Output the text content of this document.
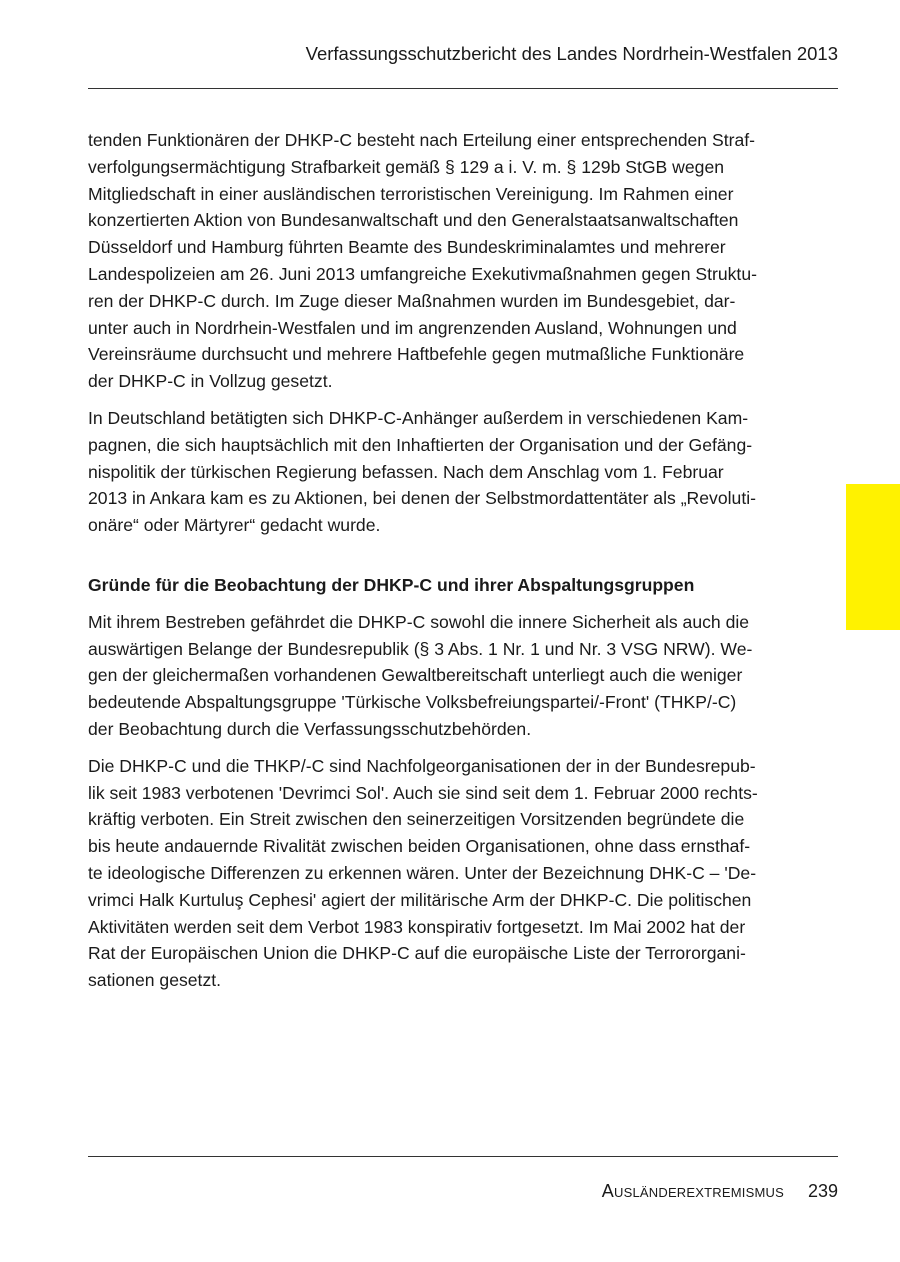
Verfassungsschutzbericht des Landes Nordrhein-Westfalen 2013

tenden Funktionären der DHKP-C besteht nach Erteilung einer entsprechenden Straf-
verfolgungsermächtigung Strafbarkeit gemäß § 129 a i. V. m. § 129b StGB wegen
Mitgliedschaft in einer ausländischen terroristischen Vereinigung. Im Rahmen einer
konzertierten Aktion von Bundesanwaltschaft und den Generalstaatsanwaltschaften
Düsseldorf und Hamburg führten Beamte des Bundeskriminalamtes und mehrerer
Landespolizeien am 26. Juni 2013 umfangreiche Exekutivmaßnahmen gegen Struktu-
ren der DHKP-C durch. Im Zuge dieser Maßnahmen wurden im Bundesgebiet, dar-
unter auch in Nordrhein-Westfalen und im angrenzenden Ausland, Wohnungen und
Vereinsräume durchsucht und mehrere Haftbefehle gegen mutmaßliche Funktionäre
der DHKP-C in Vollzug gesetzt.

In Deutschland betätigten sich DHKP-C-Anhänger außerdem in verschiedenen Kam-
pagnen, die sich hauptsächlich mit den Inhaftierten der Organisation und der Gefäng-
nispolitik der türkischen Regierung befassen. Nach dem Anschlag vom 1. Februar
2013 in Ankara kam es zu Aktionen, bei denen der Selbstmordattentäter als „Revoluti-
onäre“ oder Märtyrer“ gedacht wurde.

Gründe für die Beobachtung der DHKP-C und ihrer Abspaltungsgruppen

Mit ihrem Bestreben gefährdet die DHKP-C sowohl die innere Sicherheit als auch die
auswärtigen Belange der Bundesrepublik (§ 3 Abs. 1 Nr. 1 und Nr. 3 VSG NRW). We-
gen der gleichermaßen vorhandenen Gewaltbereitschaft unterliegt auch die weniger
bedeutende Abspaltungsgruppe 'Türkische Volksbefreiungspartei/-Front' (THKP/-C)
der Beobachtung durch die Verfassungsschutzbehörden.

Die DHKP-C und die THKP/-C sind Nachfolgeorganisationen der in der Bundesrepub-
lik seit 1983 verbotenen 'Devrimci Sol'. Auch sie sind seit dem 1. Februar 2000 rechts-
kräftig verboten. Ein Streit zwischen den seinerzeitigen Vorsitzenden begründete die
bis heute andauernde Rivalität zwischen beiden Organisationen, ohne dass ernsthaf-
te ideologische Differenzen zu erkennen wären. Unter der Bezeichnung DHK-C – 'De-
vrimci Halk Kurtuluş Cephesi' agiert der militärische Arm der DHKP-C. Die politischen
Aktivitäten werden seit dem Verbot 1983 konspirativ fortgesetzt. Im Mai 2002 hat der
Rat der Europäischen Union die DHKP-C auf die europäische Liste der Terrororgani-
sationen gesetzt.

Ausländerextremismus 239
